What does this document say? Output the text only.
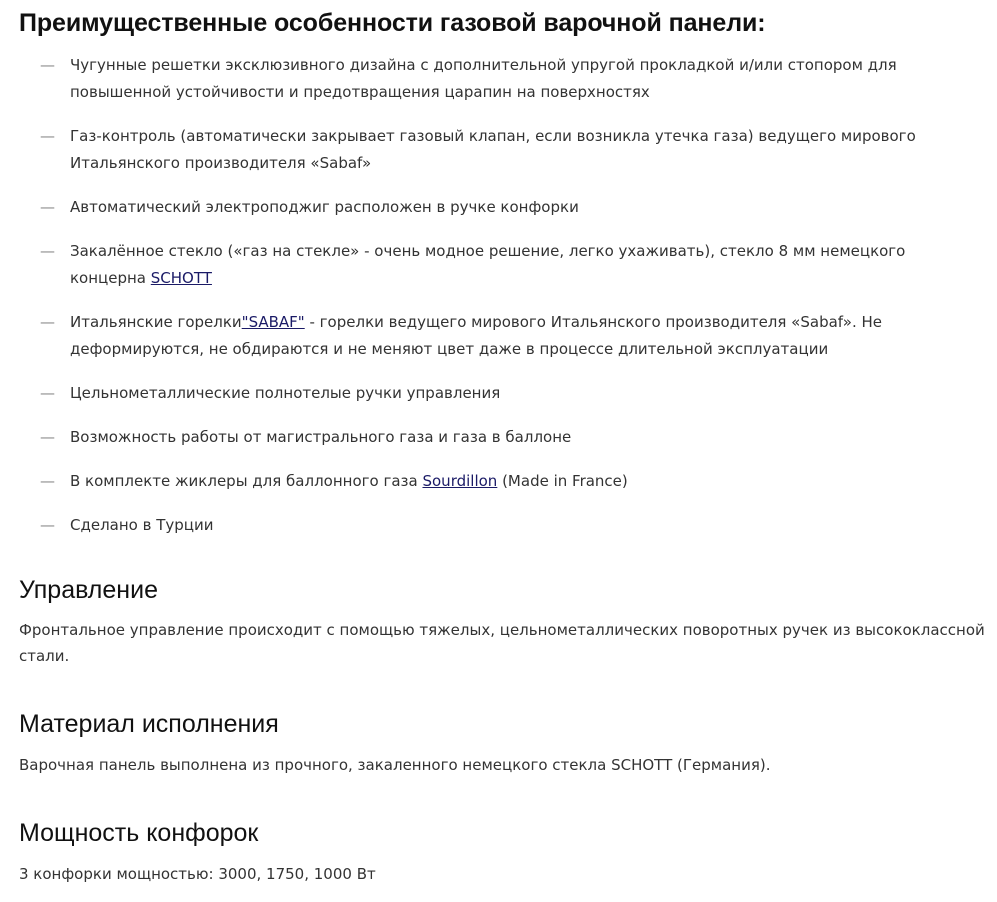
Преимущественные особенности газовой варочной панели:
— Чугунные решетки эксклюзивного дизайна с дополнительной упругой прокладкой и/или стопором для
повышенной устойчивости и предотвращения царапин на поверхностях
— Газ-контроль (автоматически закрывает газовый клапан, если возникла утечка газа) ведущего мирового
Итальянского производителя «Sabaf»
— Автоматический электроподжиг расположен в ручке конфорки
— Закалённое стекло («газ на стекле» - очень модное решение, легко ухаживать), стекло 8 мм немецкого
концерна SCHOTT
— Итальянские горелки"SABAF" - горелки ведущего мирового Итальянского производителя «Sabaf». Не
деформируются, не обдираются и не меняют цвет даже в процессе длительной эксплуатации
— Цельнометаллические полнотелые ручки управления
— Возможность работы от магистрального газа и газа в баллоне
— В комплекте жиклеры для баллонного газа Sourdillon (Made in France)
— Сделано в Турции
Управление

Фронтальное управление происходит с помощью тяжелых, цельнометаллических поворотных ручек из высококлассной
стали.

Материал исполнения

Варочная панель выполнена из прочного, закаленного немецкого стекла SCHOTT (Германия).

Мощность конфорок

3 конфорки мощностью: 3000, 1750, 1000 Вт
